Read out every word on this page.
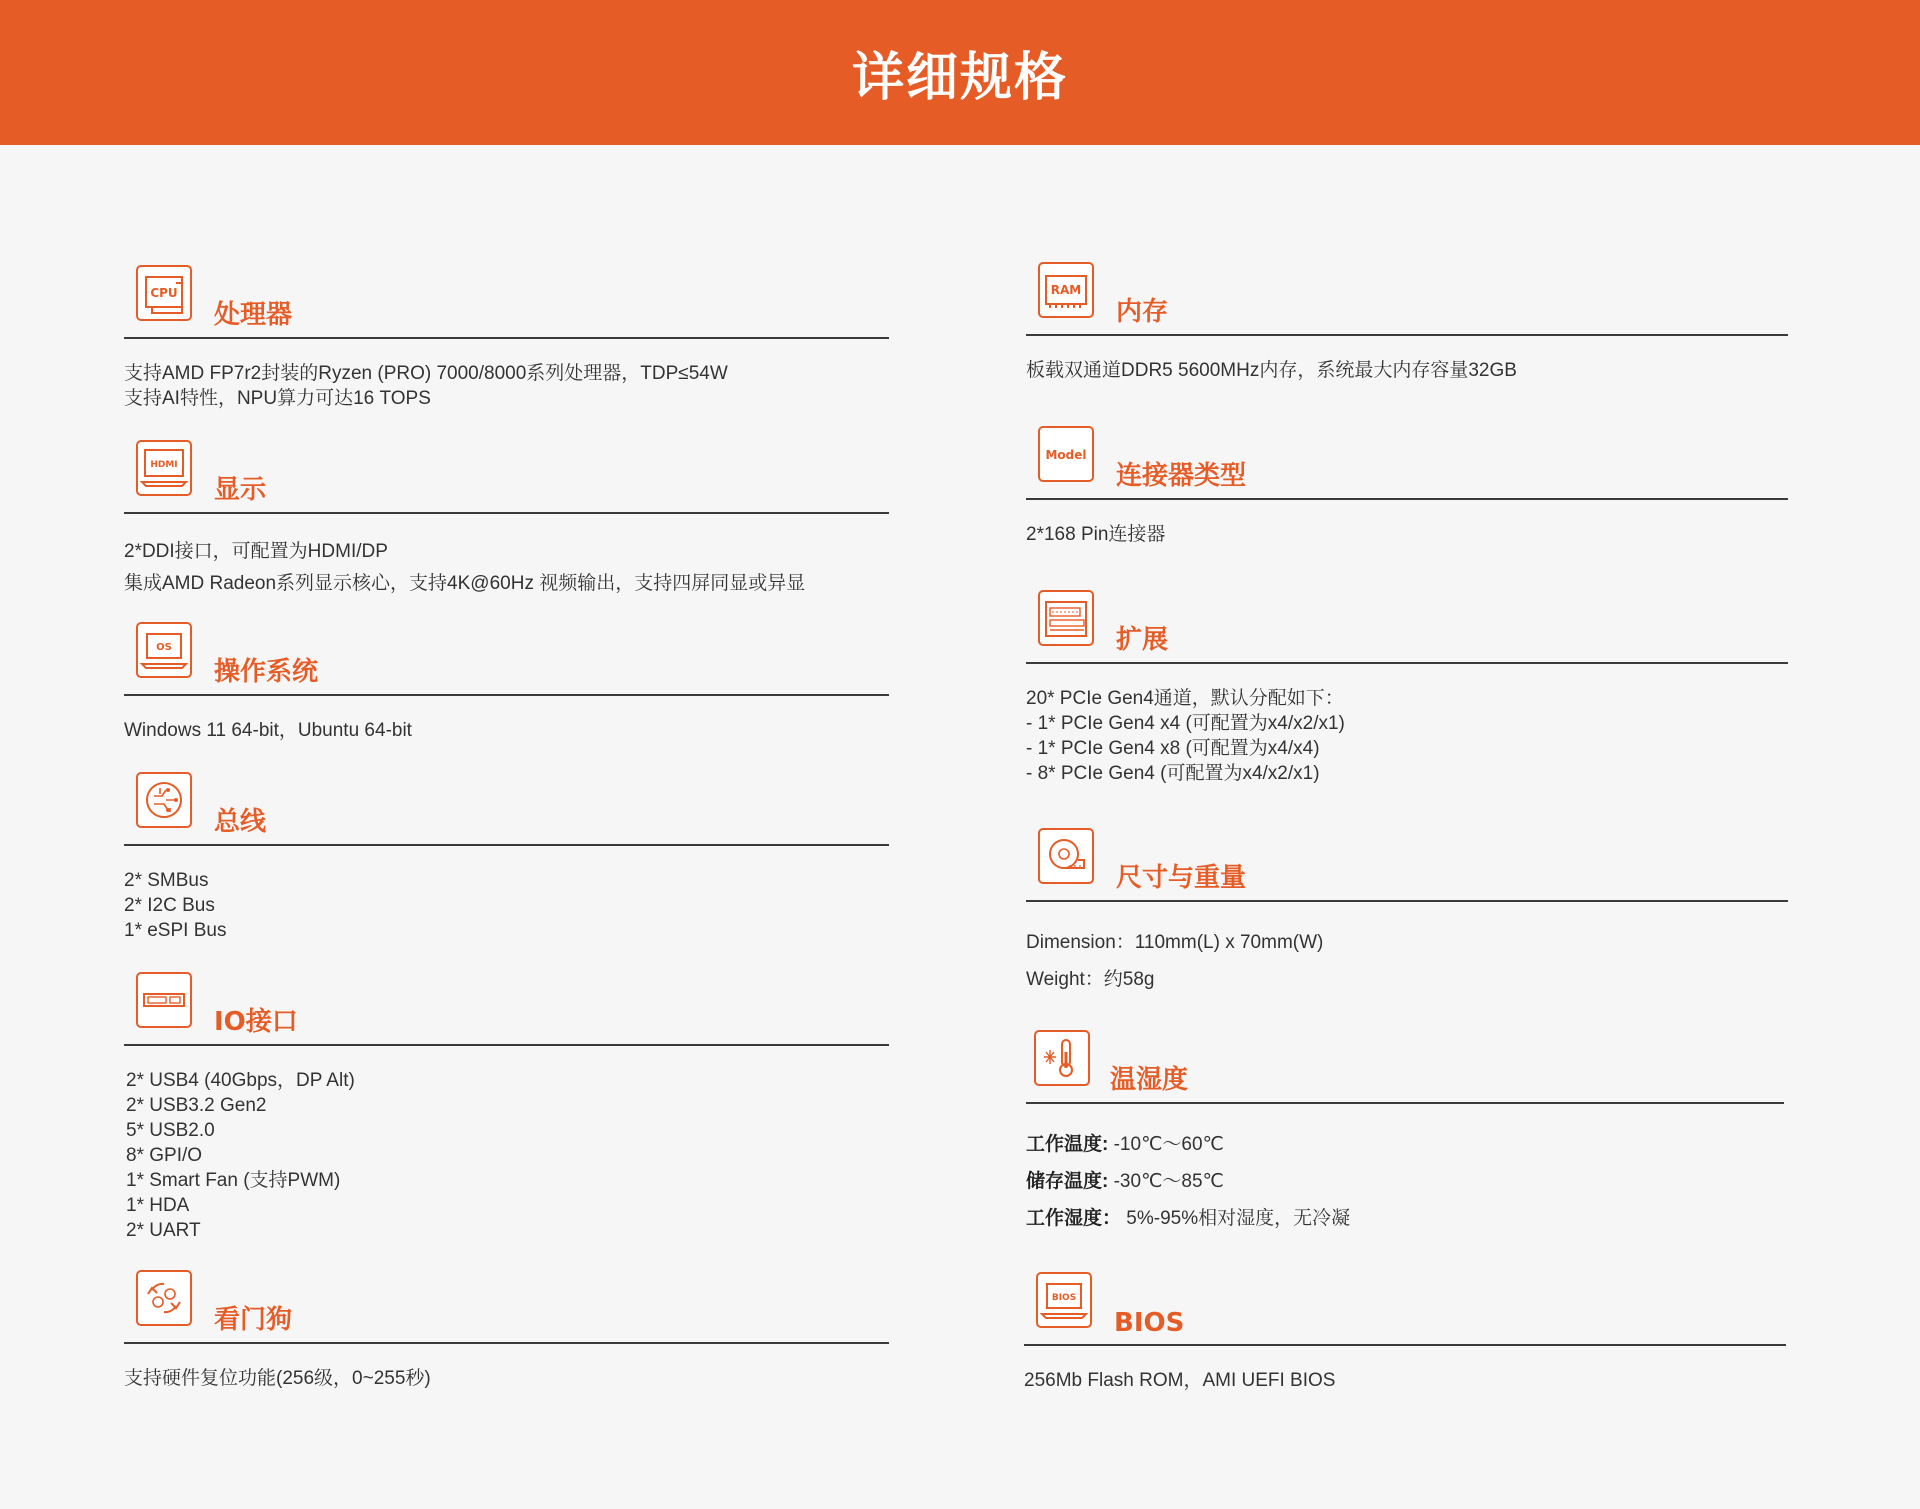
详细规格
CPU
处理器
支持AMD FP7r2封装的Ryzen (PRO) 7000/8000系列处理器，TDP≤54W
支持AI特性，NPU算力可达16 TOPS
HDMI
显示
2*DDI接口，可配置为HDMI/DP
集成AMD Radeon系列显示核心，支持4K@60Hz 视频输出，支持四屏同显或异显
OS
操作系统
Windows 11 64-bit，Ubuntu 64-bit
总线
2* SMBus
2* I2C Bus
1* eSPI Bus
IO接口
2* USB4 (40Gbps，DP Alt)
2* USB3.2 Gen2
5* USB2.0
8* GPI/O
1* Smart Fan (支持PWM)
1* HDA
2* UART
看门狗
支持硬件复位功能(256级，0~255秒)
RAM
内存
板载双通道DDR5 5600MHz内存，系统最大内存容量32GB
Model
连接器类型
2*168 Pin连接器
扩展
20* PCIe Gen4通道，默认分配如下：
- 1* PCIe Gen4 x4 (可配置为x4/x2/x1)
- 1* PCIe Gen4 x8 (可配置为x4/x4)
- 8* PCIe Gen4 (可配置为x4/x2/x1)
尺寸与重量
Dimension：110mm(L) x 70mm(W)
Weight：约58g
温湿度
工作温度: -10℃～60℃
储存温度: -30℃～85℃
工作湿度： 5%-95%相对湿度，无冷凝
BIOS
BIOS
256Mb Flash ROM，AMI UEFI BIOS
